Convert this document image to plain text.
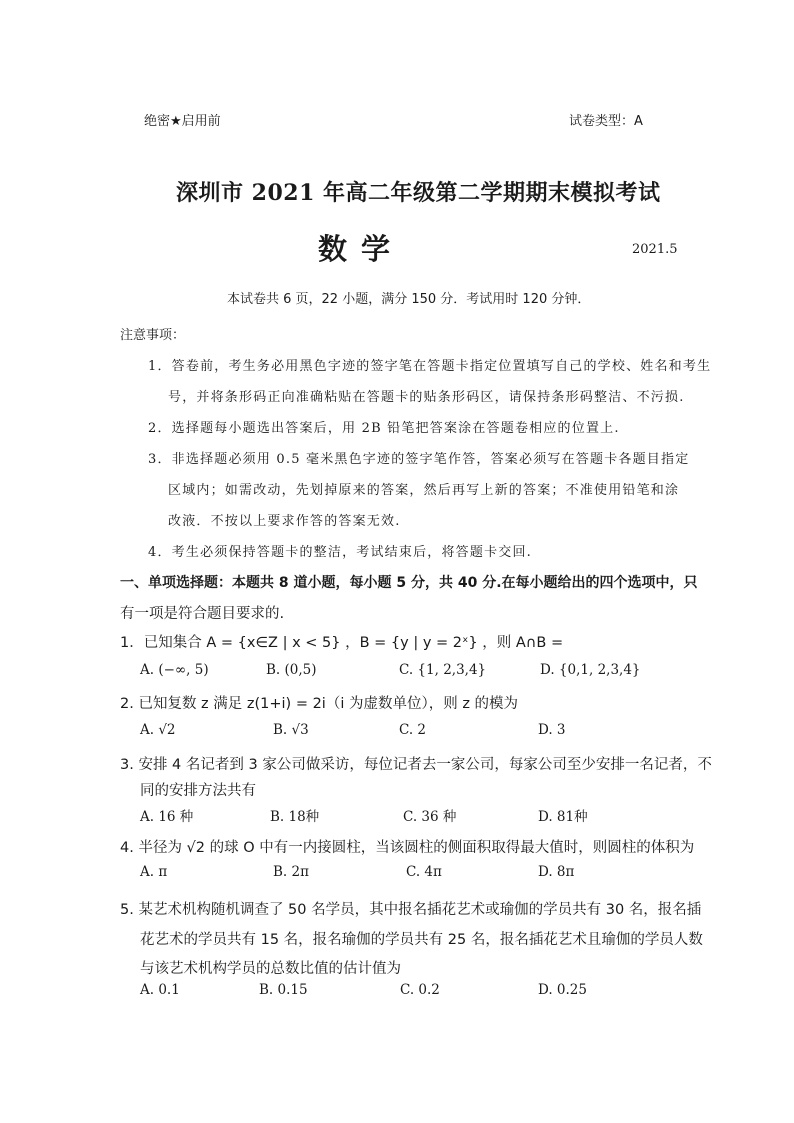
绝密★启用前	试卷类型：A
深圳市 2021 年高二年级第二学期期末模拟考试
数学	2021.5
本试卷共 6 页，22 小题，满分 150 分．考试用时 120 分钟．
注意事项：
1．答卷前，考生务必用黑色字迹的签字笔在答题卡指定位置填写自己的学校、姓名和考生
号，并将条形码正向准确粘贴在答题卡的贴条形码区，请保持条形码整洁、不污损.
2．选择题每小题选出答案后，用 2B 铅笔把答案涂在答题卷相应的位置上.
3．非选择题必须用 0.5 毫米黑色字迹的签字笔作答，答案必须写在答题卡各题目指定
区域内；如需改动，先划掉原来的答案，然后再写上新的答案；不准使用铅笔和涂
改液．不按以上要求作答的答案无效.
4．考生必须保持答题卡的整洁，考试结束后，将答题卡交回.
一、单项选择题：本题共 8 道小题，每小题 5 分，共 40 分.在每小题给出的四个选项中，只
有一项是符合题目要求的.
1．已知集合 A = {x∈Z | x < 5} ，B = {y | y = 2ˣ} ，则 A∩B =
A. (−∞, 5)	B. (0,5)	C. {1, 2,3,4}	D. {0,1, 2,3,4}
2. 已知复数 z 满足 z(1+i) = 2i（i 为虚数单位），则 z 的模为
A. √2	B. √3	C. 2	D. 3
3. 安排 4 名记者到 3 家公司做采访，每位记者去一家公司，每家公司至少安排一名记者，不
同的安排方法共有
A. 16 种	B. 18种	C. 36 种	D. 81种
4. 半径为 √2 的球 O 中有一内接圆柱，当该圆柱的侧面积取得最大值时，则圆柱的体积为
A. π	B. 2π	C. 4π	D. 8π
5. 某艺术机构随机调查了 50 名学员，其中报名插花艺术或瑜伽的学员共有 30 名，报名插
花艺术的学员共有 15 名，报名瑜伽的学员共有 25 名，报名插花艺术且瑜伽的学员人数
与该艺术机构学员的总数比值的估计值为
A. 0.1	B. 0.15	C. 0.2	D. 0.25
